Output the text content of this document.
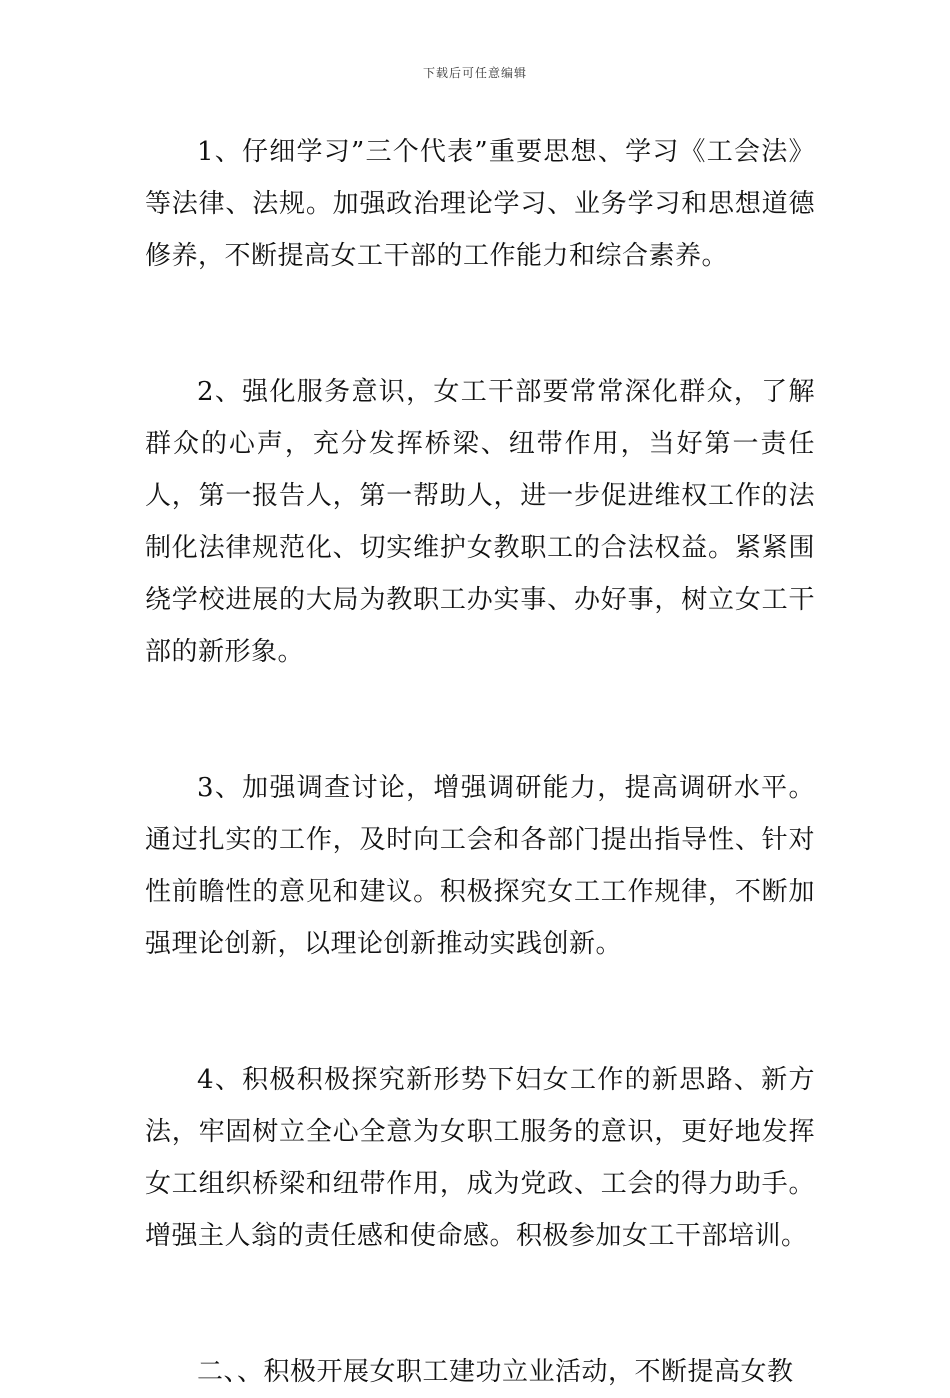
下载后可任意编辑

1、仔细学习”三个代表”重要思想、学习《工会法》等法律、法规。加强政治理论学习、业务学习和思想道德修养，不断提高女工干部的工作能力和综合素养。

2、强化服务意识，女工干部要常常深化群众，了解群众的心声，充分发挥桥梁、纽带作用，当好第一责任人，第一报告人，第一帮助人，进一步促进维权工作的法制化法律规范化、切实维护女教职工的合法权益。紧紧围绕学校进展的大局为教职工办实事、办好事，树立女工干部的新形象。

3、加强调查讨论，增强调研能力，提高调研水平。通过扎实的工作，及时向工会和各部门提出指导性、针对性前瞻性的意见和建议。积极探究女工工作规律，不断加强理论创新，以理论创新推动实践创新。

4、积极积极探究新形势下妇女工作的新思路、新方法，牢固树立全心全意为女职工服务的意识，更好地发挥女工组织桥梁和纽带作用，成为党政、工会的得力助手。增强主人翁的责任感和使命感。积极参加女工干部培训。

二、、积极开展女职工建功立业活动，不断提高女教
